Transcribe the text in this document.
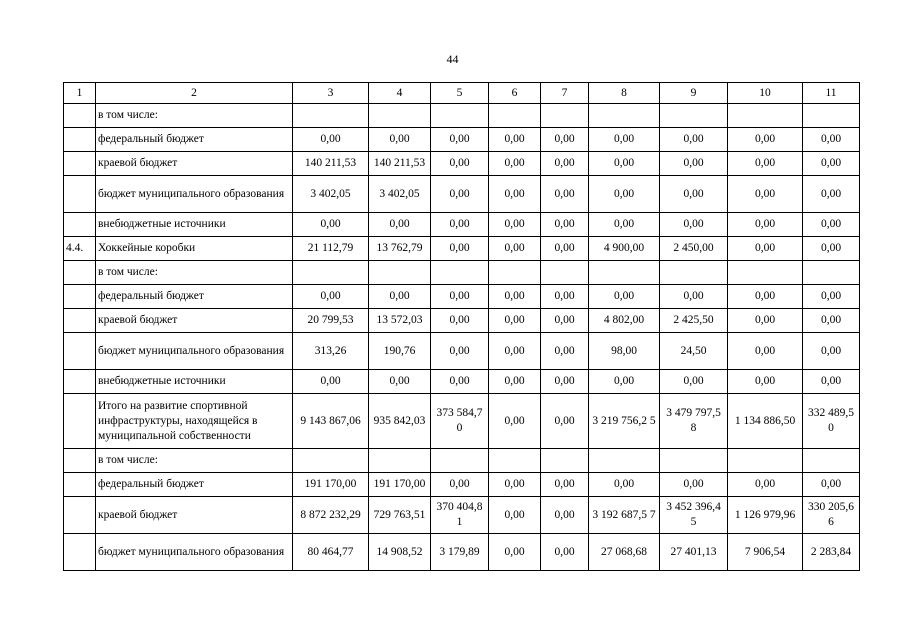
44
1	2	3	4	5	6	7	8	9	10	11
	в том числе:									
	федеральный бюджет	0,00	0,00	0,00	0,00	0,00	0,00	0,00	0,00	0,00
	краевой бюджет	140 211,53	140 211,53	0,00	0,00	0,00	0,00	0,00	0,00	0,00
	бюджет муниципального образования	3 402,05	3 402,05	0,00	0,00	0,00	0,00	0,00	0,00	0,00
	внебюджетные источники	0,00	0,00	0,00	0,00	0,00	0,00	0,00	0,00	0,00
4.4.	Хоккейные коробки	21 112,79	13 762,79	0,00	0,00	0,00	4 900,00	2 450,00	0,00	0,00
	в том числе:									
	федеральный бюджет	0,00	0,00	0,00	0,00	0,00	0,00	0,00	0,00	0,00
	краевой бюджет	20 799,53	13 572,03	0,00	0,00	0,00	4 802,00	2 425,50	0,00	0,00
	бюджет муниципального образования	313,26	190,76	0,00	0,00	0,00	98,00	24,50	0,00	0,00
	внебюджетные источники	0,00	0,00	0,00	0,00	0,00	0,00	0,00	0,00	0,00
	Итого на развитие спортивной инфраструктуры, находящейся в муниципальной собственности	9 143 867,06	935 842,03	373 584,7 0	0,00	0,00	3 219 756,2 5	3 479 797,5 8	1 134 886,50	332 489,5 0
	в том числе:									
	федеральный бюджет	191 170,00	191 170,00	0,00	0,00	0,00	0,00	0,00	0,00	0,00
	краевой бюджет	8 872 232,29	729 763,51	370 404,8 1	0,00	0,00	3 192 687,5 7	3 452 396,4 5	1 126 979,96	330 205,6 6
	бюджет муниципального образования	80 464,77	14 908,52	3 179,89	0,00	0,00	27 068,68	27 401,13	7 906,54	2 283,84
